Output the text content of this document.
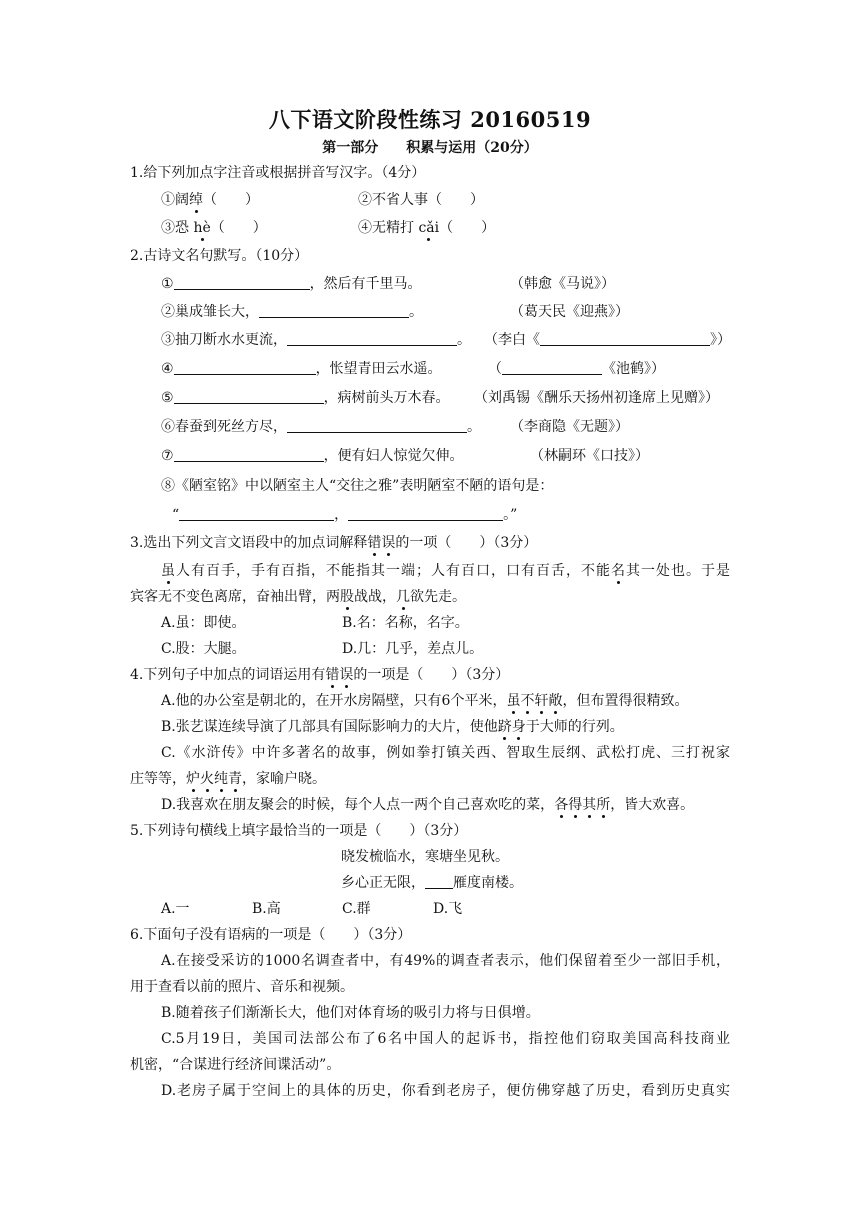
八下语文阶段性练习 20160519
第一部分 积累与运用（20分）
1.给下列加点字注音或根据拼音写汉字。（4分）
①阔绰（　　）	②不省人事（　　）
③恐 hè（　　）	④无精打 cǎi（　　）
2.古诗文名句默写。（10分）
①	，然后有千里马。	（韩愈《马说》）
②巢成雏长大，	。	（葛天民《迎燕》）
③抽刀断水水更流，	。 （李白《	》）
④	，怅望青田云水遥。	（	《池鹤》）
⑤	，病树前头万木春。 （刘禹锡《酬乐天扬州初逢席上见赠》）
⑥春蚕到死丝方尽，	。 （李商隐《无题》）
⑦	，便有妇人惊觉欠伸。	（林嗣环《口技》）
⑧《陋室铭》中以陋室主人“交往之雅”表明陋室不陋的语句是：
“	，	。”
3.选出下列文言文语段中的加点词解释错误的一项（　　）（3分）
虽人有百手，手有百指，不能指其一端；人有百口，口有百舌，不能名其一处也。于是
宾客无不变色离席，奋袖出臂，两股战战，几欲先走。
A.虽：即使。	B.名：名称，名字。
C.股：大腿。	D.几：几乎，差点儿。
4.下列句子中加点的词语运用有错误的一项是（　　）（3分）
A.他的办公室是朝北的，在开水房隔壁，只有6个平米，虽不轩敞，但布置得很精致。
B.张艺谋连续导演了几部具有国际影响力的大片，使他跻身于大师的行列。
C.《水浒传》中许多著名的故事，例如拳打镇关西、智取生辰纲、武松打虎、三打祝家
庄等等，炉火纯青，家喻户晓。
D.我喜欢在朋友聚会的时候，每个人点一两个自己喜欢吃的菜，各得其所，皆大欢喜。
5.下列诗句横线上填字最恰当的一项是（　　）（3分）
晓发梳临水，寒塘坐见秋。
乡心正无限， 雁度南楼。
A.一	B.高	C.群	D.飞
6.下面句子没有语病的一项是（　　）（3分）
A.在接受采访的1000名调查者中，有49%的调查者表示，他们保留着至少一部旧手机，
用于查看以前的照片、音乐和视频。
B.随着孩子们渐渐长大，他们对体育场的吸引力将与日俱增。
C.5月19日，美国司法部公布了6名中国人的起诉书，指控他们窃取美国高科技商业
机密，“合谋进行经济间谍活动”。
D.老房子属于空间上的具体的历史，你看到老房子，便仿佛穿越了历史，看到历史真实
